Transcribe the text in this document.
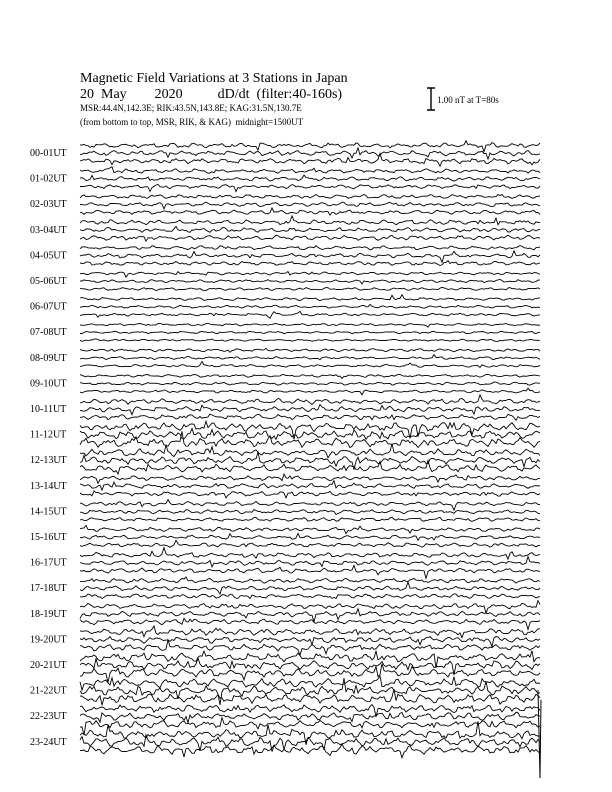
Magnetic Field Variations at 3 Stations in Japan
20 May 2020	dD/dt  (filter:40-160s)
MSR:44.4N,142.3E; RIK:43.5N,143.8E; KAG:31.5N,130.7E
(from bottom to top, MSR, RIK, & KAG) midnight=1500UT
1.00 nT at T=80s
00-01UT
01-02UT
02-03UT
03-04UT
04-05UT
05-06UT
06-07UT
07-08UT
08-09UT
09-10UT
10-11UT
11-12UT
12-13UT
13-14UT
14-15UT
15-16UT
16-17UT
17-18UT
18-19UT
19-20UT
20-21UT
21-22UT
22-23UT
23-24UT
